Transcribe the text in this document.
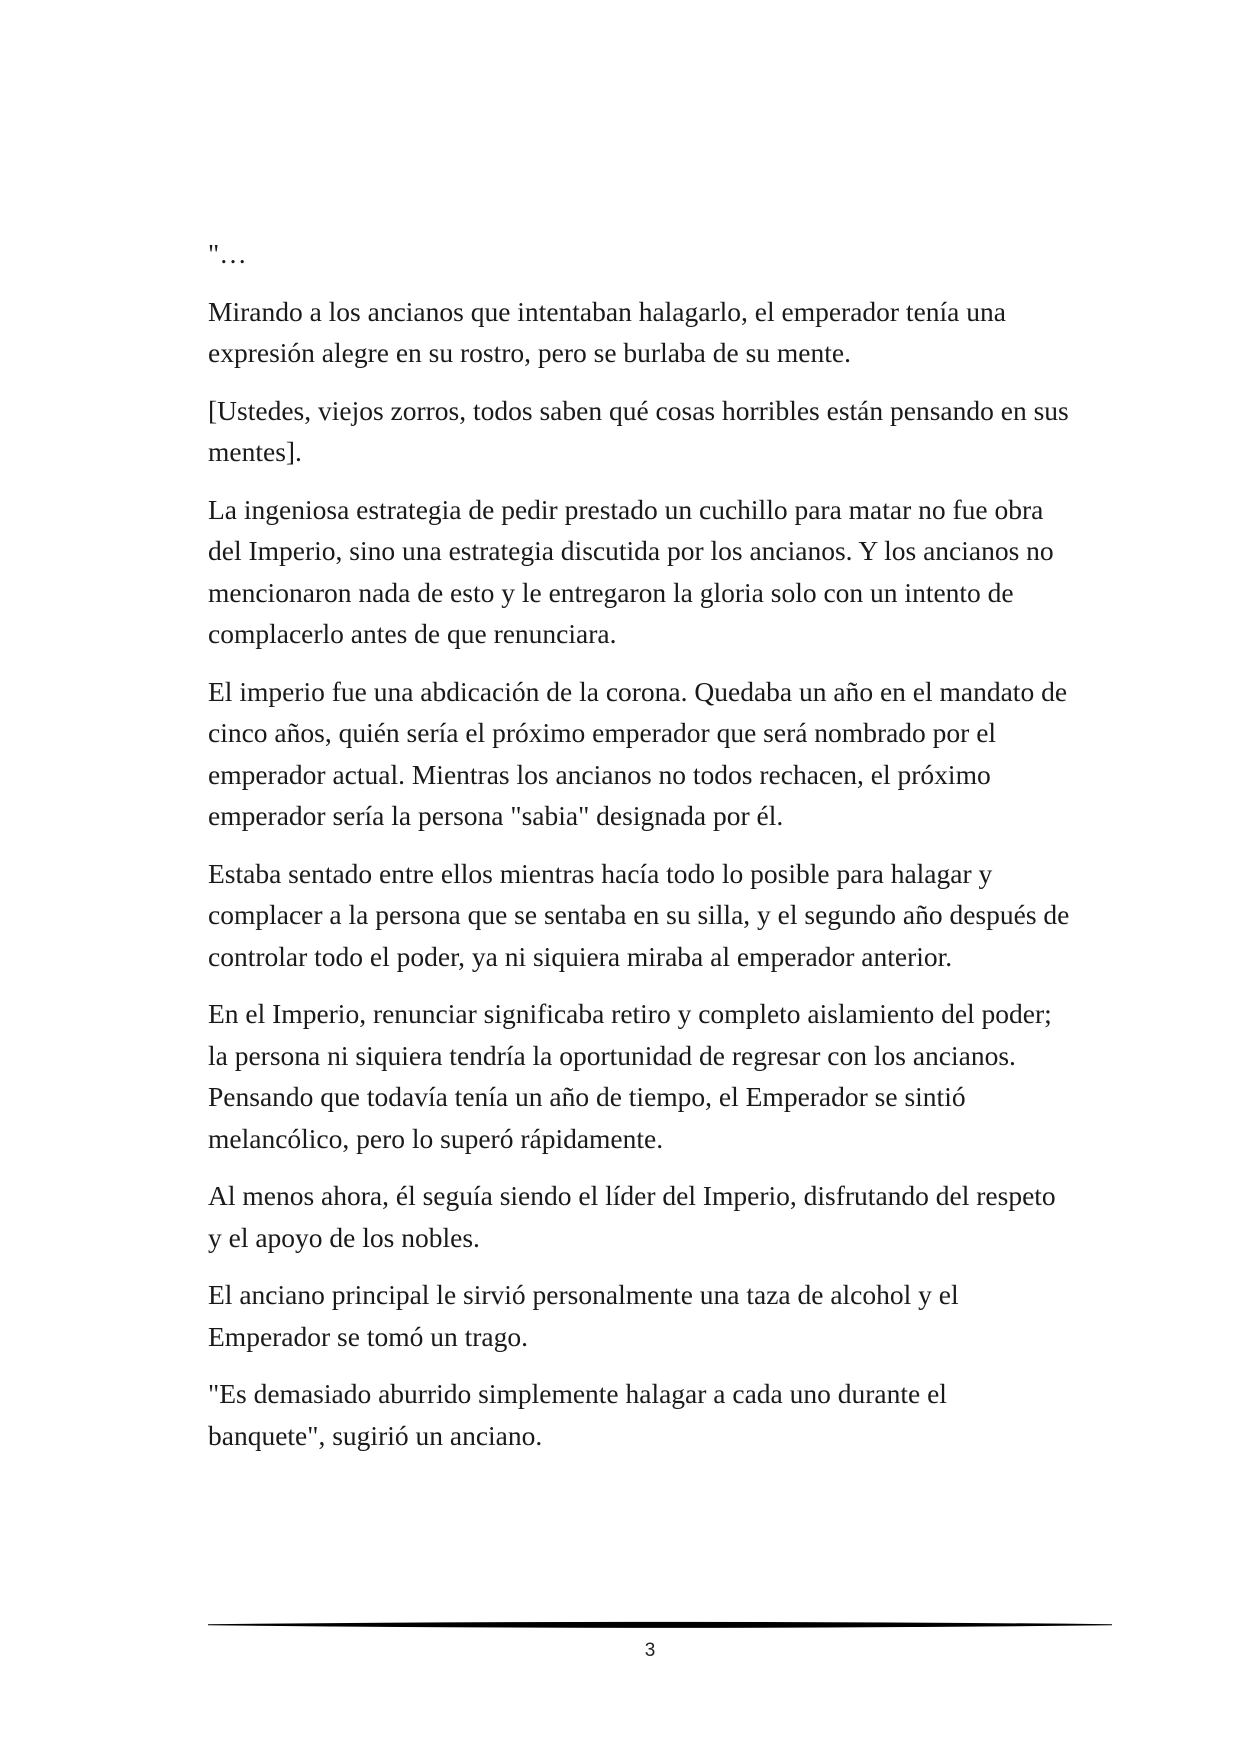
"…

Mirando a los ancianos que intentaban halagarlo, el emperador tenía una expresión alegre en su rostro, pero se burlaba de su mente.

[Ustedes, viejos zorros, todos saben qué cosas horribles están pensando en sus mentes].

La ingeniosa estrategia de pedir prestado un cuchillo para matar no fue obra del Imperio, sino una estrategia discutida por los ancianos. Y los ancianos no mencionaron nada de esto y le entregaron la gloria solo con un intento de complacerlo antes de que renunciara.

El imperio fue una abdicación de la corona. Quedaba un año en el mandato de cinco años, quién sería el próximo emperador que será nombrado por el emperador actual. Mientras los ancianos no todos rechacen, el próximo emperador sería la persona "sabia" designada por él.

Estaba sentado entre ellos mientras hacía todo lo posible para halagar y complacer a la persona que se sentaba en su silla, y el segundo año después de controlar todo el poder, ya ni siquiera miraba al emperador anterior.

En el Imperio, renunciar significaba retiro y completo aislamiento del poder; la persona ni siquiera tendría la oportunidad de regresar con los ancianos. Pensando que todavía tenía un año de tiempo, el Emperador se sintió melancólico, pero lo superó rápidamente.

Al menos ahora, él seguía siendo el líder del Imperio, disfrutando del respeto y el apoyo de los nobles.

El anciano principal le sirvió personalmente una taza de alcohol y el Emperador se tomó un trago.

"Es demasiado aburrido simplemente halagar a cada uno durante el banquete", sugirió un anciano.

3
